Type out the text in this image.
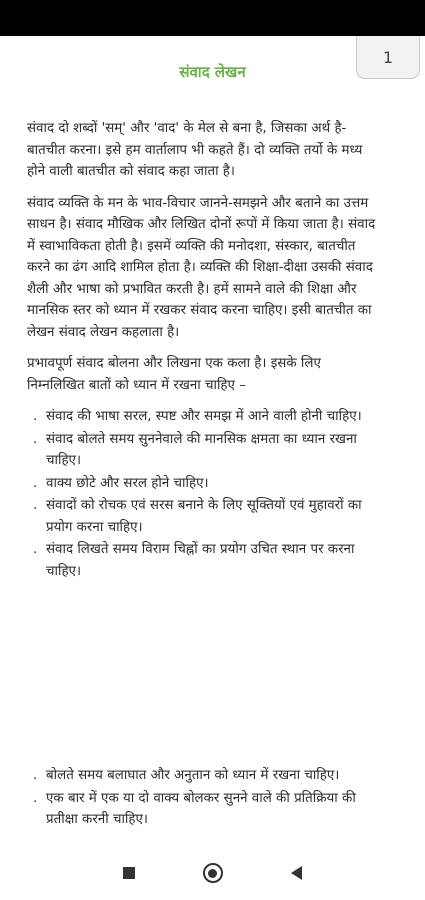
1
संवाद लेखन

संवाद दो शब्दों 'सम्' और 'वाद' के मेल से बना है, जिसका अर्थ है-बातचीत करना। इसे हम वार्तालाप भी कहते हैं। दो व्यक्ति तर्यो के मध्य होने वाली बातचीत को संवाद कहा जाता है।

संवाद व्यक्ति के मन के भाव-विचार जानने-समझने और बताने का उत्तम साधन है। संवाद मौखिक और लिखित दोनों रूपों में किया जाता है। संवाद में स्वाभाविकता होती है। इसमें व्यक्ति की मनोदशा, संस्कार, बातचीत करने का ढंग आदि शामिल होता है। व्यक्ति की शिक्षा-दीक्षा उसकी संवाद शैली और भाषा को प्रभावित करती है। हमें सामने वाले की शिक्षा और मानसिक स्तर को ध्यान में रखकर संवाद करना चाहिए। इसी बातचीत का लेखन संवाद लेखन कहलाता है।

प्रभावपूर्ण संवाद बोलना और लिखना एक कला है। इसके लिए निम्नलिखित बातों को ध्यान में रखना चाहिए –

. संवाद की भाषा सरल, स्पष्ट और समझ में आने वाली होनी चाहिए।
. संवाद बोलते समय सुननेवाले की मानसिक क्षमता का ध्यान रखना चाहिए।
. वाक्य छोटे और सरल होने चाहिए।
. संवादों को रोचक एवं सरस बनाने के लिए सूक्तियों एवं मुहावरों का प्रयोग करना चाहिए।
. संवाद लिखते समय विराम चिह्नों का प्रयोग उचित स्थान पर करना चाहिए।
. बोलते समय बलाघात और अनुतान को ध्यान में रखना चाहिए।
. एक बार में एक या दो वाक्य बोलकर सुनने वाले की प्रतिक्रिया की प्रतीक्षा करनी चाहिए।
